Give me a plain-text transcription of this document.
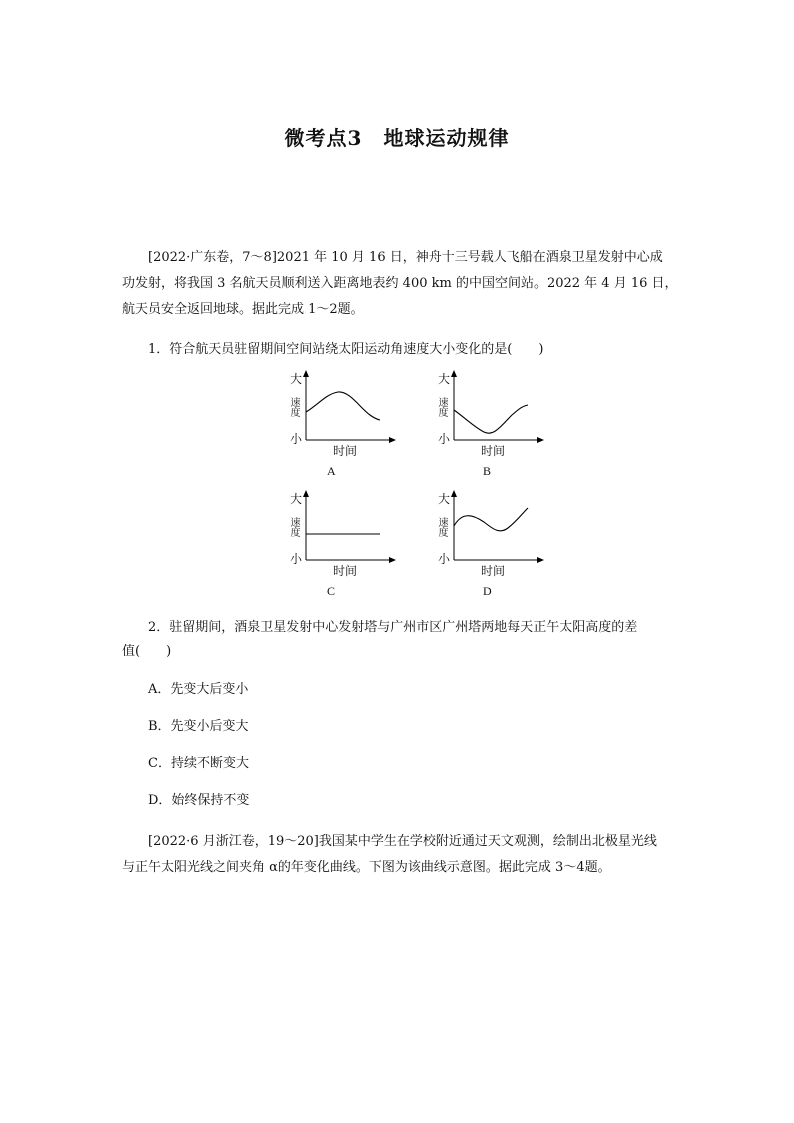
微考点3　地球运动规律
[2022·广东卷，7～8]2021 年 10 月 16 日，神舟十三号载人飞船在酒泉卫星发射中心成
功发射，将我国 3 名航天员顺利送入距离地表约 400 km 的中国空间站。2022 年 4 月 16 日，
航天员安全返回地球。据此完成 1～2题。
1．符合航天员驻留期间空间站绕太阳运动角速度大小变化的是(　　)
大
速度
小
时间
A
大
速度
小
时间
B
大
速度
小
时间
C
大
速度
小
时间
D
2．驻留期间，酒泉卫星发射中心发射塔与广州市区广州塔两地每天正午太阳高度的差
值(　　)
A．先变大后变小
B．先变小后变大
C．持续不断变大
D．始终保持不变
[2022·6 月浙江卷，19～20]我国某中学生在学校附近通过天文观测，绘制出北极星光线
与正午太阳光线之间夹角 α的年变化曲线。下图为该曲线示意图。据此完成 3～4题。
